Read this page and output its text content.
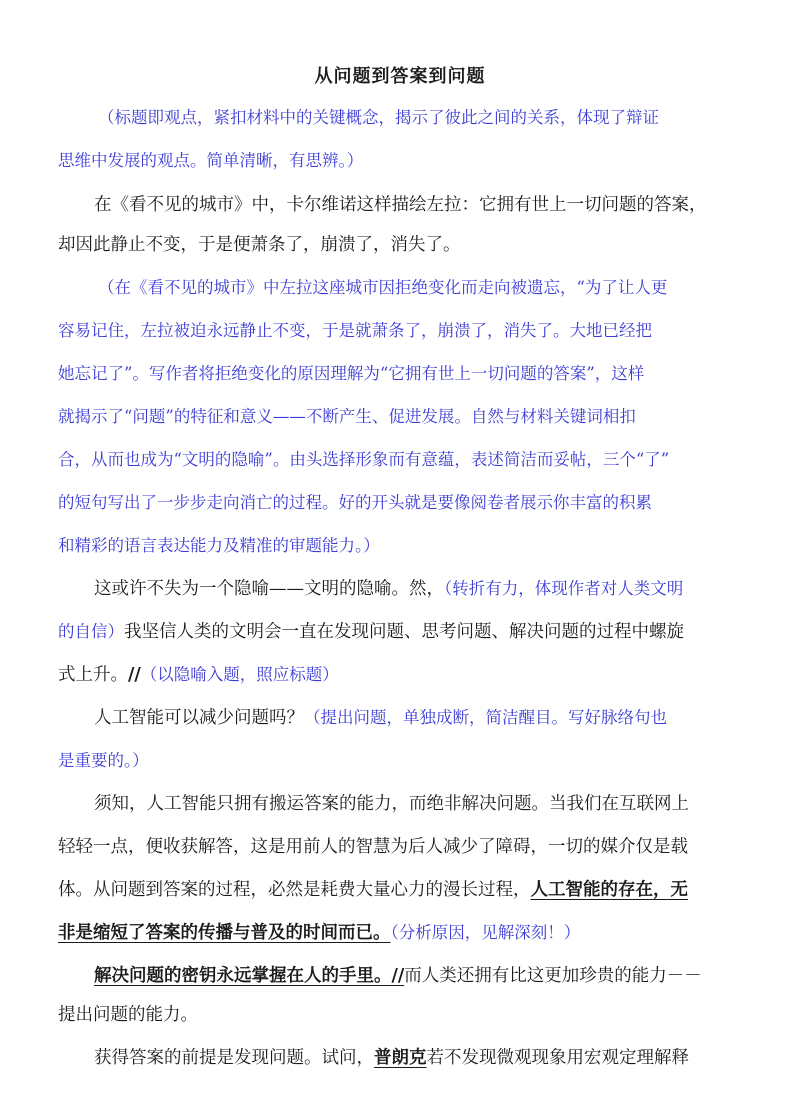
从问题到答案到问题
（标题即观点，紧扣材料中的关键概念，揭示了彼此之间的关系，体现了辩证
思维中发展的观点。简单清晰，有思辨。）
在《看不见的城市》中，卡尔维诺这样描绘左拉：它拥有世上一切问题的答案，
却因此静止不变，于是便萧条了，崩溃了，消失了。
（在《看不见的城市》中左拉这座城市因拒绝变化而走向被遗忘，“为了让人更
容易记住，左拉被迫永远静止不变，于是就萧条了，崩溃了，消失了。大地已经把
她忘记了”。写作者将拒绝变化的原因理解为“它拥有世上一切问题的答案”，这样
就揭示了“问题”的特征和意义——不断产生、促进发展。自然与材料关键词相扣
合，从而也成为“文明的隐喻”。由头选择形象而有意蕴，表述简洁而妥帖，三个“了”
的短句写出了一步步走向消亡的过程。好的开头就是要像阅卷者展示你丰富的积累
和精彩的语言表达能力及精准的审题能力。）
这或许不失为一个隐喻——文明的隐喻。然，（转折有力，体现作者对人类文明
的自信）我坚信人类的文明会一直在发现问题、思考问题、解决问题的过程中螺旋
式上升。//（以隐喻入题，照应标题）
人工智能可以减少问题吗？（提出问题，单独成断，简洁醒目。写好脉络句也
是重要的。）
须知，人工智能只拥有搬运答案的能力，而绝非解决问题。当我们在互联网上
轻轻一点，便收获解答，这是用前人的智慧为后人减少了障碍，一切的媒介仅是载
体。从问题到答案的过程，必然是耗费大量心力的漫长过程，人工智能的存在，无
非是缩短了答案的传播与普及的时间而已。（分析原因，见解深刻！）
解决问题的密钥永远掌握在人的手里。//而人类还拥有比这更加珍贵的能力－－
提出问题的能力。
获得答案的前提是发现问题。试问，普朗克若不发现微观现象用宏观定理解释
